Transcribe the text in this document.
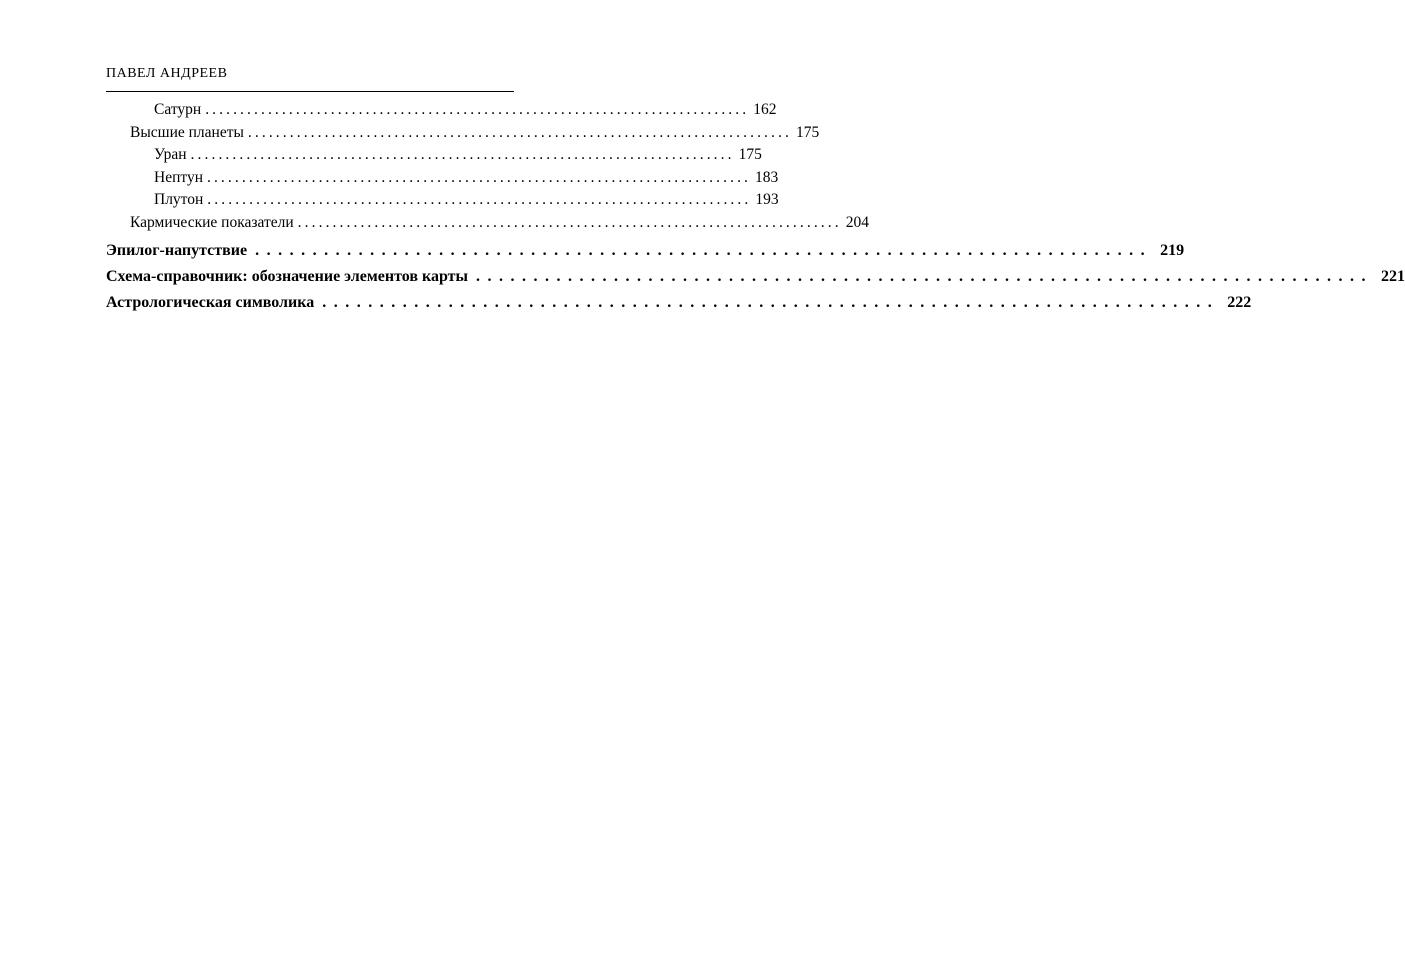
ПАВЕЛ АНДРЕЕВ
Сатурн .............................................................................. 162
Высшие планеты .............................................................................. 175
Уран .............................................................................. 175
Нептун .............................................................................. 183
Плутон .............................................................................. 193
Кармические показатели .............................................................................. 204
Эпилог-напутствие .............................................................................. 219
Схема-справочник: обозначение элементов карты .............................................................................. 221
Астрологическая символика .............................................................................. 222
